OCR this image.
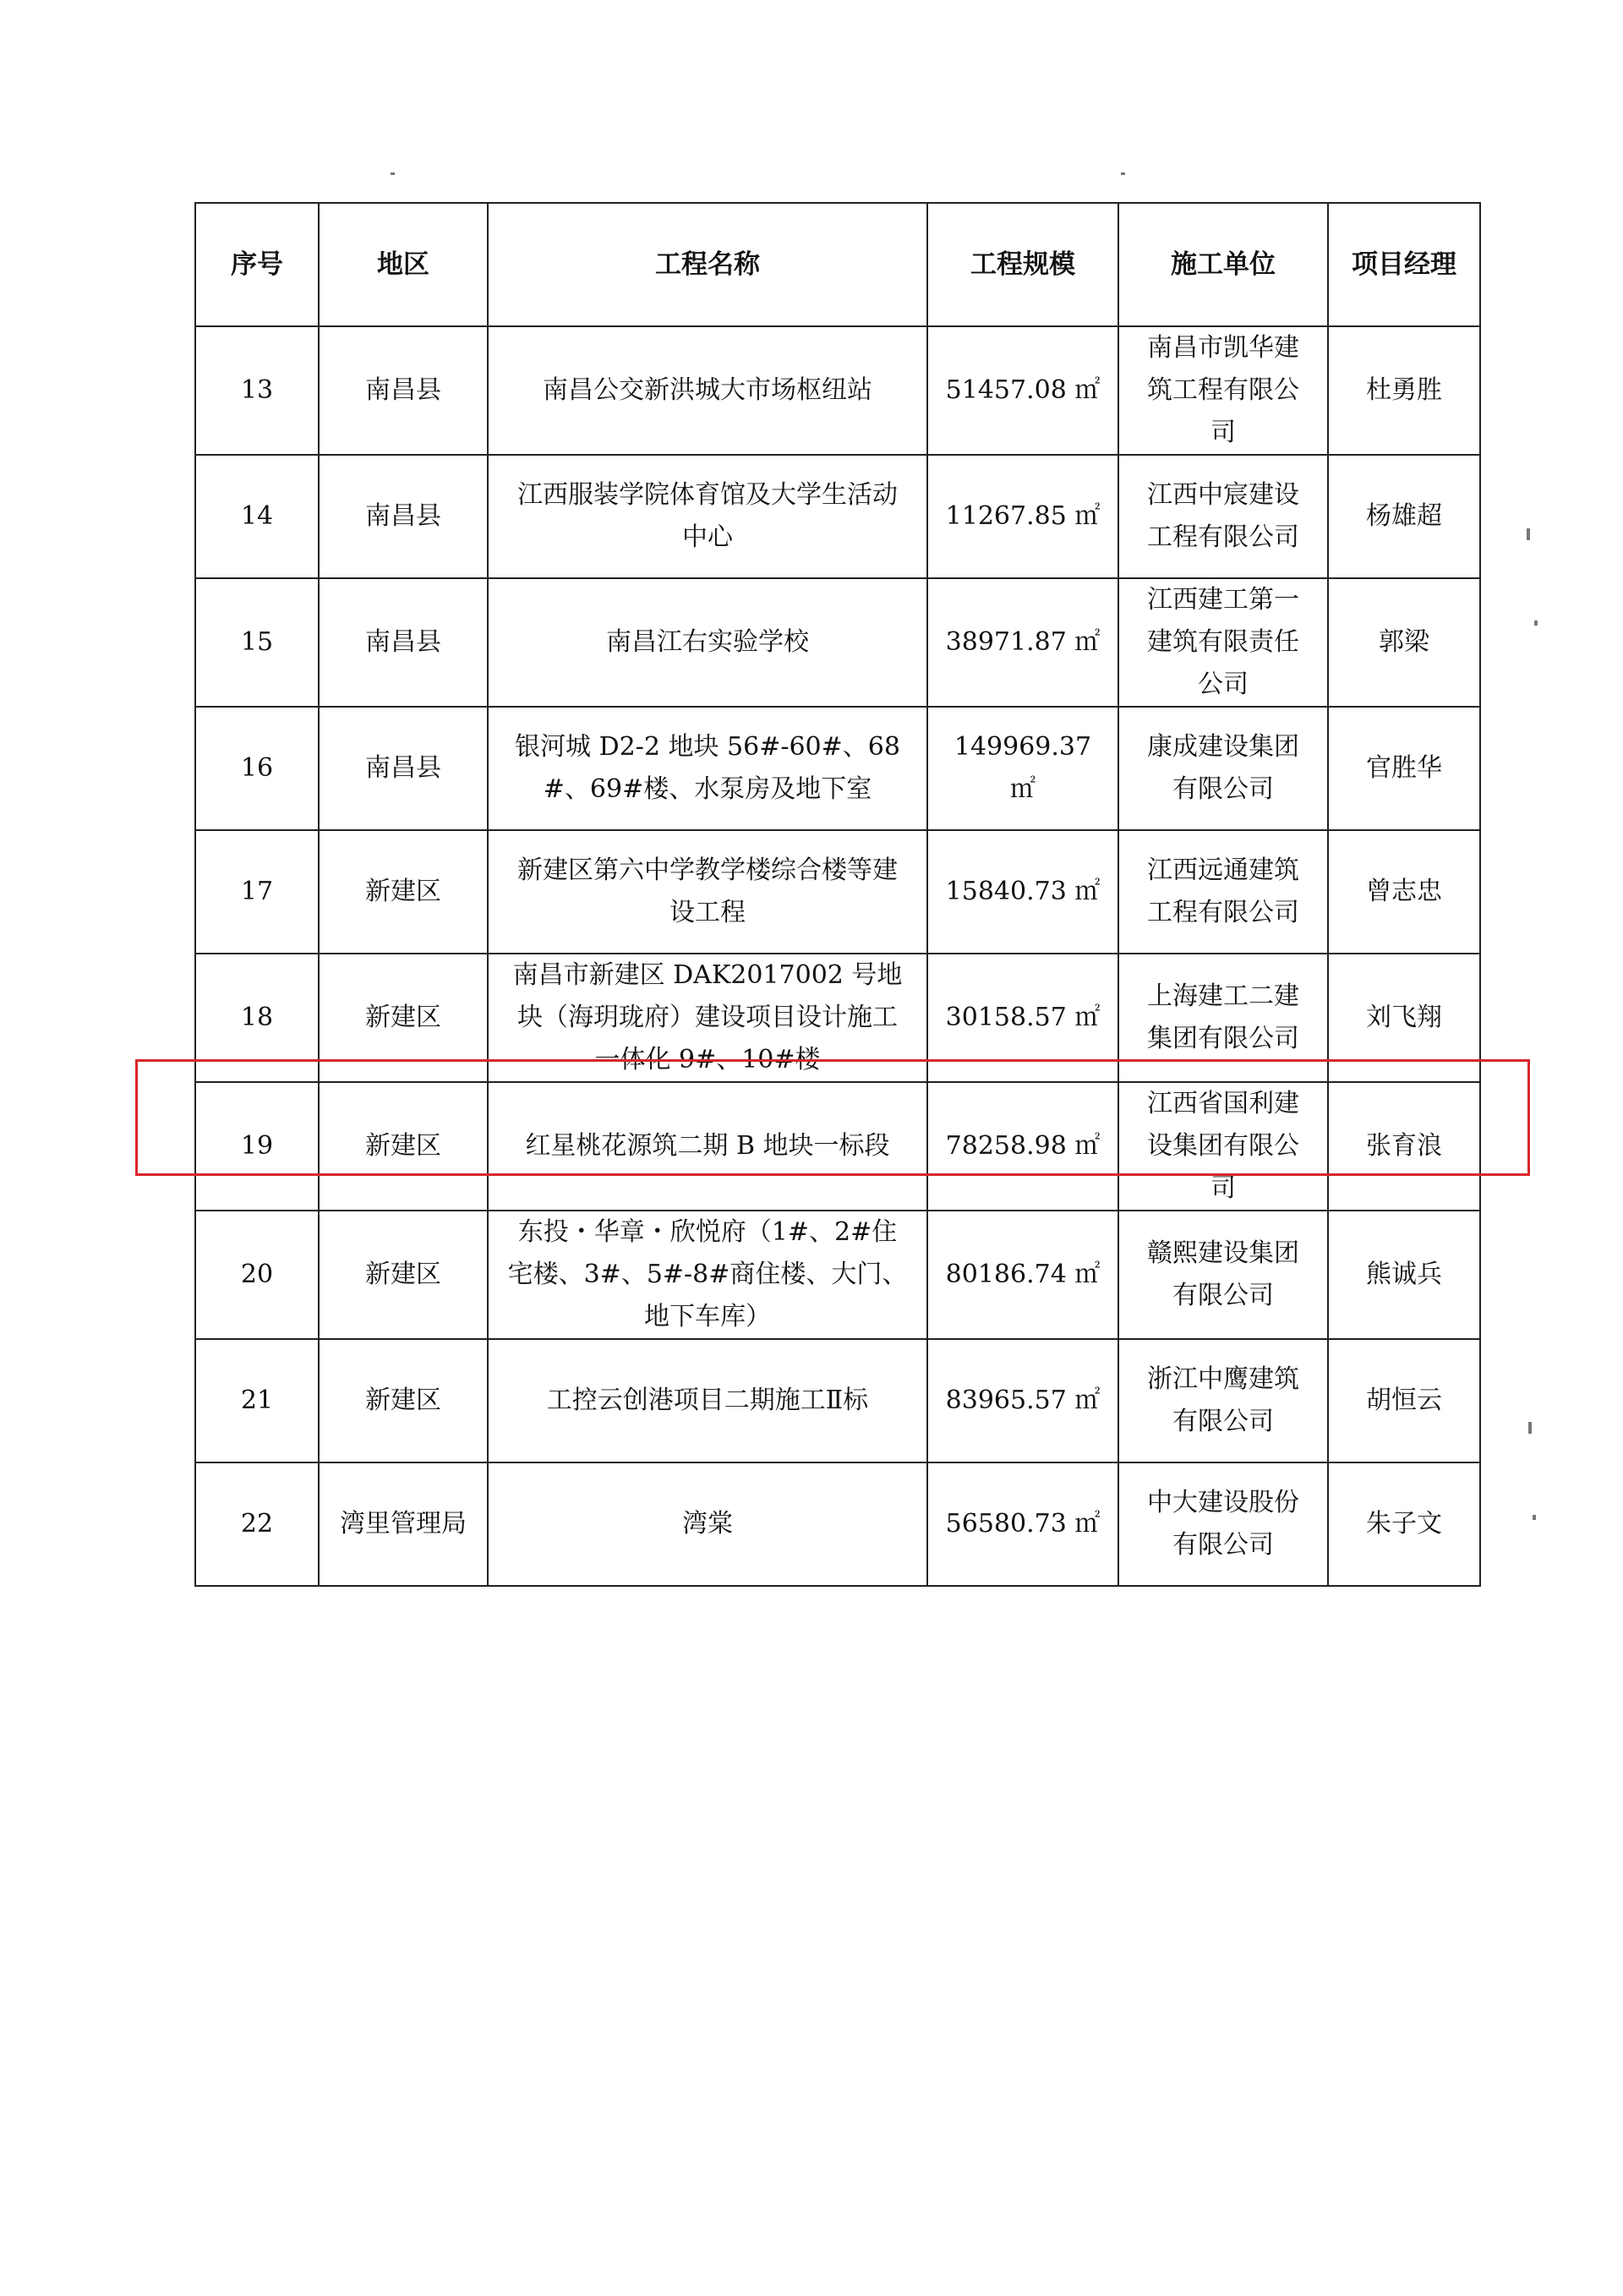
序号	地区	工程名称	工程规模	施工单位	项目经理
13	南昌县	南昌公交新洪城大市场枢纽站	51457.08 ㎡	南昌市凯华建筑工程有限公司	杜勇胜
14	南昌县	江西服装学院体育馆及大学生活动中心	11267.85 ㎡	江西中宸建设工程有限公司	杨雄超
15	南昌县	南昌江右实验学校	38971.87 ㎡	江西建工第一建筑有限责任公司	郭梁
16	南昌县	银河城 D2-2 地块 56#-60#、68#、69#楼、水泵房及地下室	149969.37 ㎡	康成建设集团有限公司	官胜华
17	新建区	新建区第六中学教学楼综合楼等建设工程	15840.73 ㎡	江西远通建筑工程有限公司	曾志忠
18	新建区	南昌市新建区 DAK2017002 号地块（海玥珑府）建设项目设计施工一体化 9#、10#楼	30158.57 ㎡	上海建工二建集团有限公司	刘飞翔
19	新建区	红星桃花源筑二期 B 地块一标段	78258.98 ㎡	江西省国利建设集团有限公司	张育浪
20	新建区	东投・华章・欣悦府（1#、2#住宅楼、3#、5#-8#商住楼、大门、地下车库）	80186.74 ㎡	赣熙建设集团有限公司	熊诚兵
21	新建区	工控云创港项目二期施工Ⅱ标	83965.57 ㎡	浙江中鹰建筑有限公司	胡恒云
22	湾里管理局	湾棠	56580.73 ㎡	中大建设股份有限公司	朱子文
